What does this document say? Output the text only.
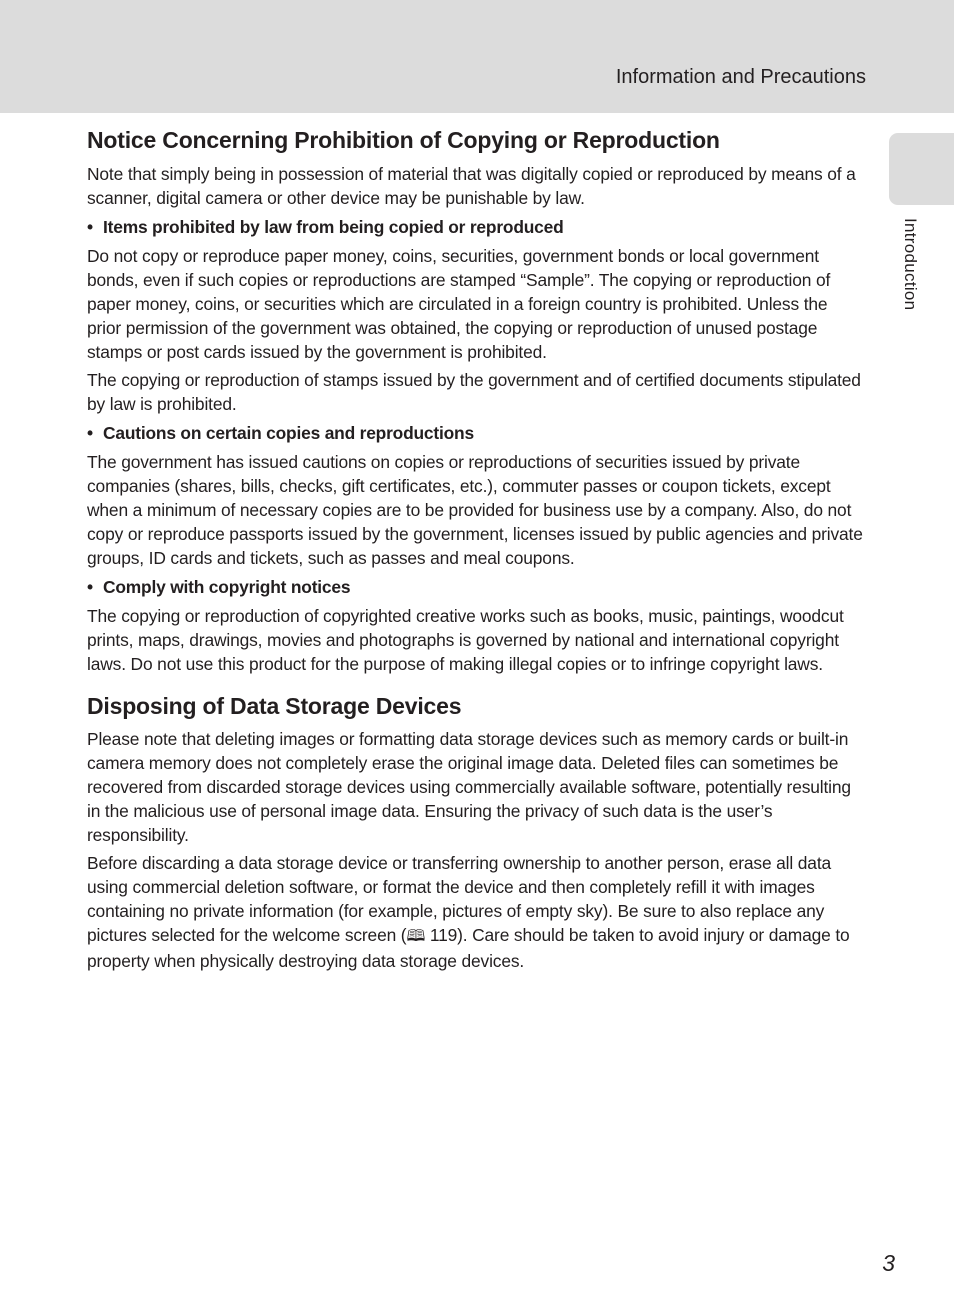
Information and Precautions
Introduction
Notice Concerning Prohibition of Copying or Reproduction

Note that simply being in possession of material that was digitally copied or reproduced by means of a scanner, digital camera or other device may be punishable by law.

• Items prohibited by law from being copied or reproduced

Do not copy or reproduce paper money, coins, securities, government bonds or local government bonds, even if such copies or reproductions are stamped “Sample”. The copying or reproduction of paper money, coins, or securities which are circulated in a foreign country is prohibited. Unless the prior permission of the government was obtained, the copying or reproduction of unused postage stamps or post cards issued by the government is prohibited.

The copying or reproduction of stamps issued by the government and of certified documents stipulated by law is prohibited.

• Cautions on certain copies and reproductions

The government has issued cautions on copies or reproductions of securities issued by private companies (shares, bills, checks, gift certificates, etc.), commuter passes or coupon tickets, except when a minimum of necessary copies are to be provided for business use by a company. Also, do not copy or reproduce passports issued by the government, licenses issued by public agencies and private groups, ID cards and tickets, such as passes and meal coupons.

• Comply with copyright notices

The copying or reproduction of copyrighted creative works such as books, music, paintings, woodcut prints, maps, drawings, movies and photographs is governed by national and international copyright laws. Do not use this product for the purpose of making illegal copies or to infringe copyright laws.

Disposing of Data Storage Devices

Please note that deleting images or formatting data storage devices such as memory cards or built-in camera memory does not completely erase the original image data. Deleted files can sometimes be recovered from discarded storage devices using commercially available software, potentially resulting in the malicious use of personal image data. Ensuring the privacy of such data is the user’s responsibility.

Before discarding a data storage device or transferring ownership to another person, erase all data using commercial deletion software, or format the device and then completely refill it with images containing no private information (for example, pictures of empty sky). Be sure to also replace any pictures selected for the welcome screen (🕮 119). Care should be taken to avoid injury or damage to property when physically destroying data storage devices.

3
